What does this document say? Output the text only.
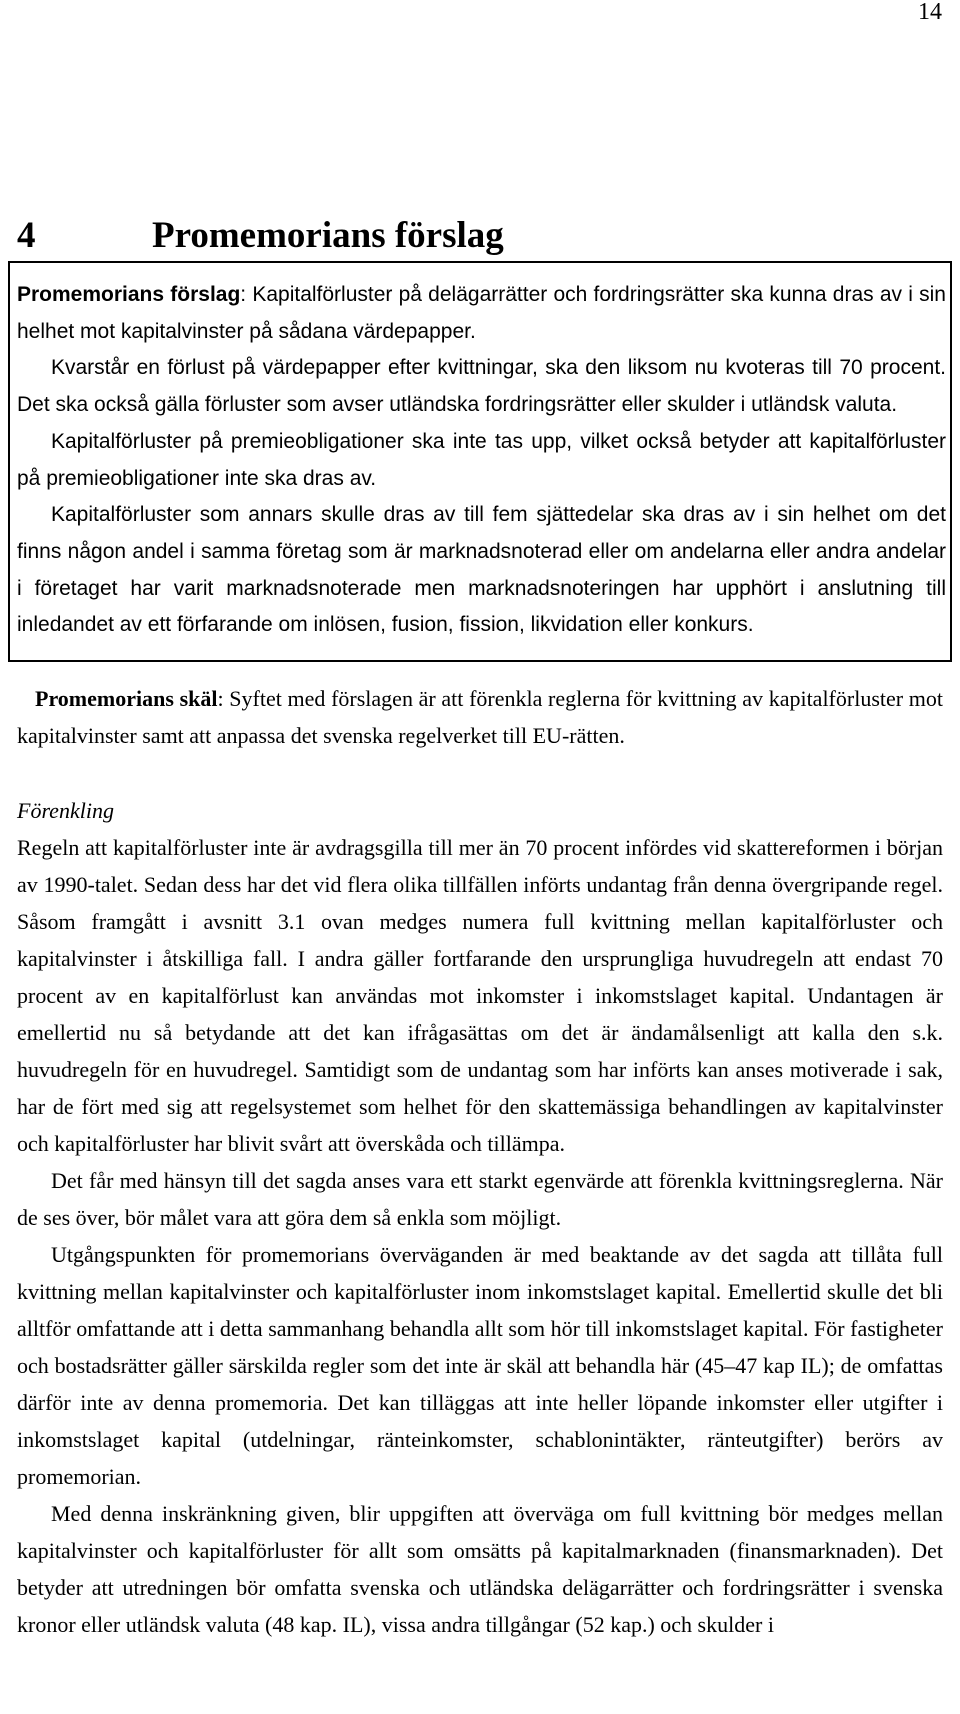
14
4	Promemorians förslag

Promemorians förslag: Kapitalförluster på delägarrätter och fordringsrätter ska kunna dras av i sin helhet mot kapitalvinster på sådana värdepapper.

Kvarstår en förlust på värdepapper efter kvittningar, ska den liksom nu kvoteras till 70 procent. Det ska också gälla förluster som avser utländska fordringsrätter eller skulder i utländsk valuta.

Kapitalförluster på premieobligationer ska inte tas upp, vilket också betyder att kapitalförluster på premieobligationer inte ska dras av.

Kapitalförluster som annars skulle dras av till fem sjättedelar ska dras av i sin helhet om det finns någon andel i samma företag som är marknadsnoterad eller om andelarna eller andra andelar i företaget har varit marknadsnoterade men marknadsnoteringen har upphört i anslutning till inledandet av ett förfarande om inlösen, fusion, fission, likvidation eller konkurs.

Promemorians skäl: Syftet med förslagen är att förenkla reglerna för kvittning av kapitalförluster mot kapitalvinster samt att anpassa det svenska regelverket till EU-rätten.

Förenkling

Regeln att kapitalförluster inte är avdragsgilla till mer än 70 procent infördes vid skattereformen i början av 1990-talet. Sedan dess har det vid flera olika tillfällen införts undantag från denna övergripande regel. Såsom framgått i avsnitt 3.1 ovan medges numera full kvittning mellan kapitalförluster och kapitalvinster i åtskilliga fall. I andra gäller fortfarande den ursprungliga huvudregeln att endast 70 procent av en kapitalförlust kan användas mot inkomster i inkomstslaget kapital. Undantagen är emellertid nu så betydande att det kan ifrågasättas om det är ändamålsenligt att kalla den s.k. huvudregeln för en huvudregel. Samtidigt som de undantag som har införts kan anses motiverade i sak, har de fört med sig att regelsystemet som helhet för den skattemässiga behandlingen av kapitalvinster och kapitalförluster har blivit svårt att överskåda och tillämpa.

Det får med hänsyn till det sagda anses vara ett starkt egenvärde att förenkla kvittningsreglerna. När de ses över, bör målet vara att göra dem så enkla som möjligt.

Utgångspunkten för promemorians överväganden är med beaktande av det sagda att tillåta full kvittning mellan kapitalvinster och kapitalförluster inom inkomstslaget kapital. Emellertid skulle det bli alltför omfattande att i detta sammanhang behandla allt som hör till inkomstslaget kapital. För fastigheter och bostadsrätter gäller särskilda regler som det inte är skäl att behandla här (45–47 kap IL); de omfattas därför inte av denna promemoria. Det kan tilläggas att inte heller löpande inkomster eller utgifter i inkomstslaget kapital (utdelningar, ränteinkomster, schablonintäkter, ränteutgifter) berörs av promemorian.

Med denna inskränkning given, blir uppgiften att överväga om full kvittning bör medges mellan kapitalvinster och kapitalförluster för allt som omsätts på kapitalmarknaden (finansmarknaden). Det betyder att utredningen bör omfatta svenska och utländska delägarrätter och fordringsrätter i svenska kronor eller utländsk valuta (48 kap. IL), vissa andra tillgångar (52 kap.) och skulder i
